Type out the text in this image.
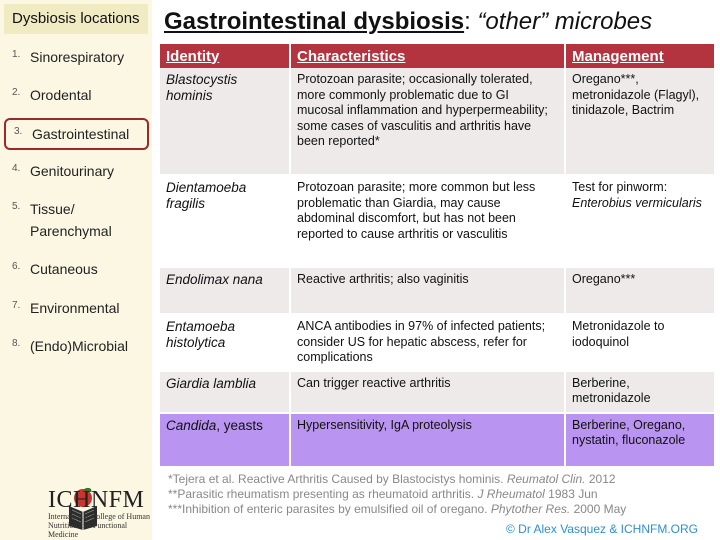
Dysbiosis locations
1. Sinorespiratory
2. Orodental
3. Gastrointestinal
4. Genitourinary
5. Tissue/
Parenchymal
6. Cutaneous
7. Environmental
8. (Endo)Microbial
ICHNFM
International College of Human Nutrition and Functional Medicine
Gastrointestinal dysbiosis: “other” microbes
Identity	Characteristics	Management
Blastocystis hominis	Protozoan parasite; occasionally tolerated, more commonly problematic due to GI mucosal inflammation and hyperpermeability; some cases of vasculitis and arthritis have been reported*	Oregano***, metronidazole (Flagyl), tinidazole, Bactrim
Dientamoeba fragilis	Protozoan parasite; more common but less problematic than Giardia, may cause abdominal discomfort, but has not been reported to cause arthritis or vasculitis	Test for pinworm:
Enterobius vermicularis
Endolimax nana	Reactive arthritis; also vaginitis	Oregano***
Entamoeba histolytica	ANCA antibodies in 97% of infected patients; consider US for hepatic abscess, refer for complications	Metronidazole to iodoquinol
Giardia lamblia	Can trigger reactive arthritis	Berberine, metronidazole
Candida, yeasts	Hypersensitivity, IgA proteolysis	Berberine, Oregano, nystatin, fluconazole
*Tejera et al. Reactive Arthritis Caused by Blastocistys hominis. Reumatol Clin. 2012
**Parasitic rheumatism presenting as rheumatoid arthritis. J Rheumatol 1983 Jun
***Inhibition of enteric parasites by emulsified oil of oregano. Phytother Res. 2000 May
© Dr Alex Vasquez & ICHNFM.ORG
